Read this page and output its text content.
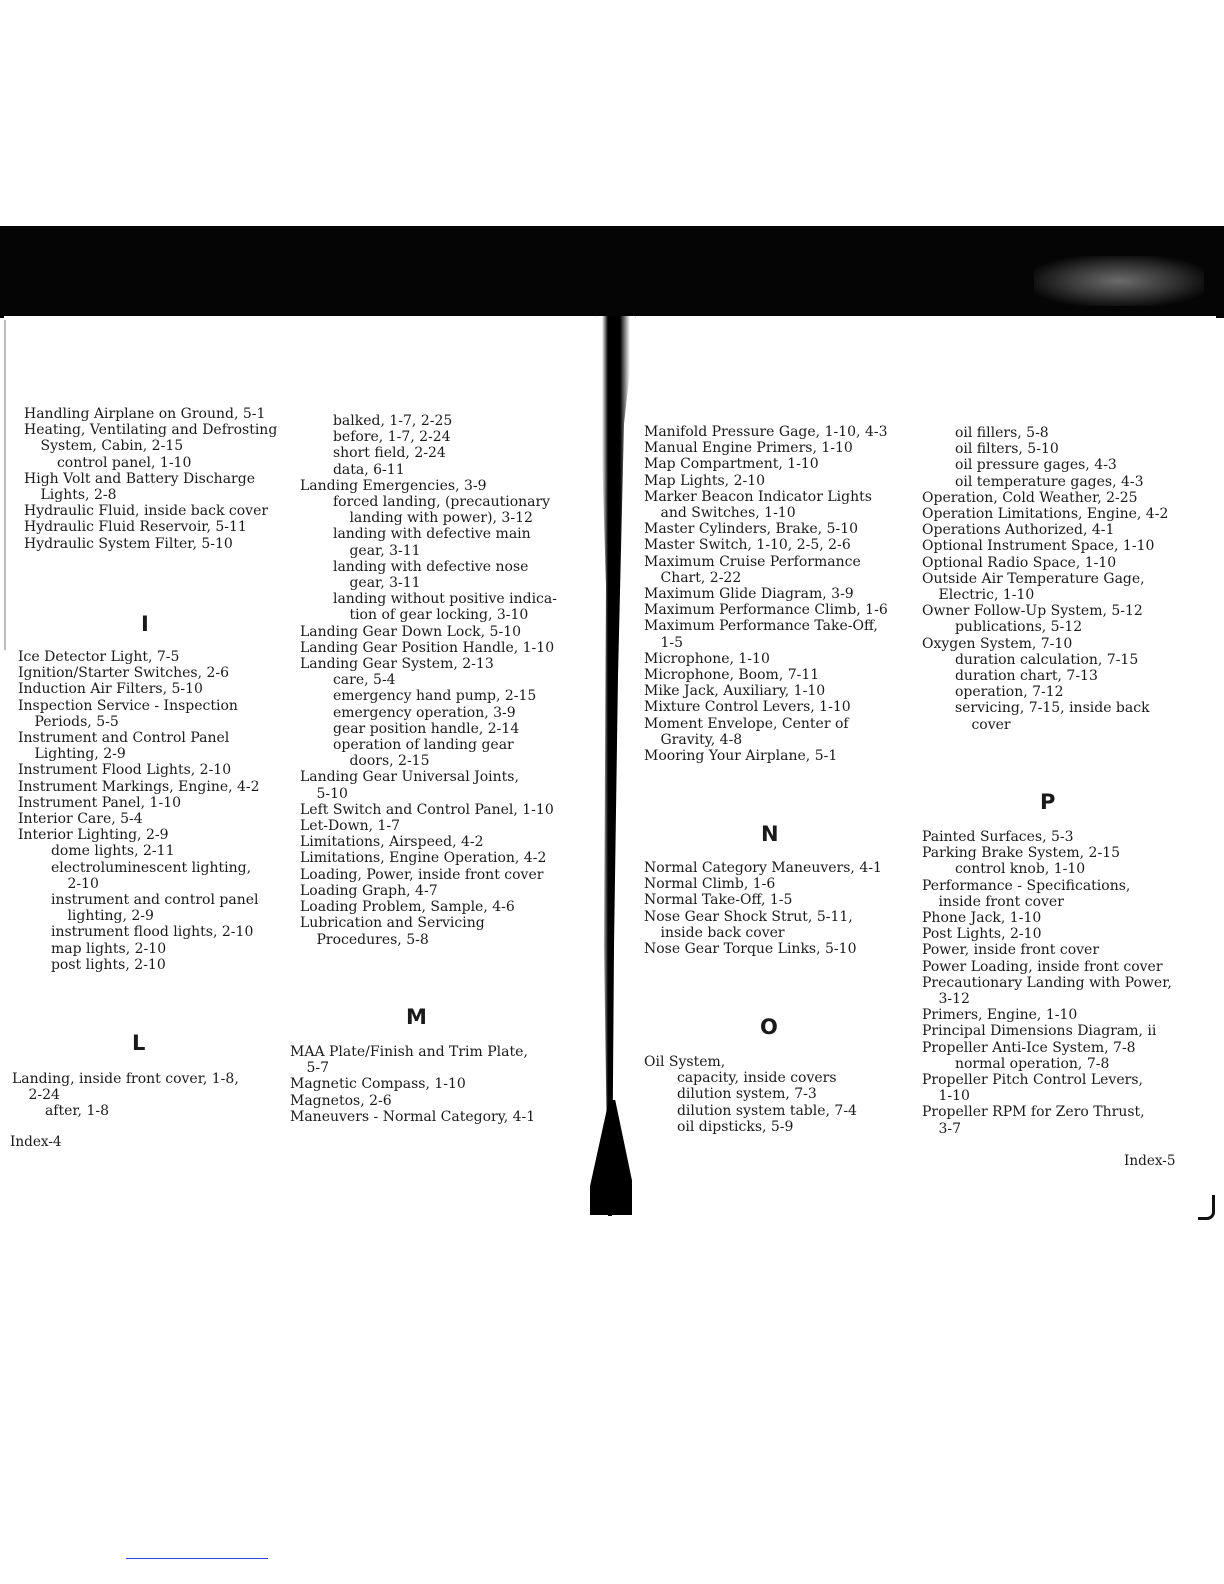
Handling Airplane on Ground, 5-1
Heating, Ventilating and Defrosting
System, Cabin, 2-15
control panel, 1-10
High Volt and Battery Discharge
Lights, 2-8
Hydraulic Fluid, inside back cover
Hydraulic Fluid Reservoir, 5-11
Hydraulic System Filter, 5-10
I
Ice Detector Light, 7-5
Ignition/Starter Switches, 2-6
Induction Air Filters, 5-10
Inspection Service - Inspection
Periods, 5-5
Instrument and Control Panel
Lighting, 2-9
Instrument Flood Lights, 2-10
Instrument Markings, Engine, 4-2
Instrument Panel, 1-10
Interior Care, 5-4
Interior Lighting, 2-9
dome lights, 2-11
electroluminescent lighting,
2-10
instrument and control panel
lighting, 2-9
instrument flood lights, 2-10
map lights, 2-10
post lights, 2-10
L
Landing, inside front cover, 1-8,
2-24
after, 1-8
Index-4
balked, 1-7, 2-25
before, 1-7, 2-24
short field, 2-24
data, 6-11
Landing Emergencies, 3-9
forced landing, (precautionary
landing with power), 3-12
landing with defective main
gear, 3-11
landing with defective nose
gear, 3-11
landing without positive indica-
tion of gear locking, 3-10
Landing Gear Down Lock, 5-10
Landing Gear Position Handle, 1-10
Landing Gear System, 2-13
care, 5-4
emergency hand pump, 2-15
emergency operation, 3-9
gear position handle, 2-14
operation of landing gear
doors, 2-15
Landing Gear Universal Joints,
5-10
Left Switch and Control Panel, 1-10
Let-Down, 1-7
Limitations, Airspeed, 4-2
Limitations, Engine Operation, 4-2
Loading, Power, inside front cover
Loading Graph, 4-7
Loading Problem, Sample, 4-6
Lubrication and Servicing
Procedures, 5-8
M
MAA Plate/Finish and Trim Plate,
5-7
Magnetic Compass, 1-10
Magnetos, 2-6
Maneuvers - Normal Category, 4-1
Manifold Pressure Gage, 1-10, 4-3
Manual Engine Primers, 1-10
Map Compartment, 1-10
Map Lights, 2-10
Marker Beacon Indicator Lights
and Switches, 1-10
Master Cylinders, Brake, 5-10
Master Switch, 1-10, 2-5, 2-6
Maximum Cruise Performance
Chart, 2-22
Maximum Glide Diagram, 3-9
Maximum Performance Climb, 1-6
Maximum Performance Take-Off,
1-5
Microphone, 1-10
Microphone, Boom, 7-11
Mike Jack, Auxiliary, 1-10
Mixture Control Levers, 1-10
Moment Envelope, Center of
Gravity, 4-8
Mooring Your Airplane, 5-1
N
Normal Category Maneuvers, 4-1
Normal Climb, 1-6
Normal Take-Off, 1-5
Nose Gear Shock Strut, 5-11,
inside back cover
Nose Gear Torque Links, 5-10
O
Oil System,
capacity, inside covers
dilution system, 7-3
dilution system table, 7-4
oil dipsticks, 5-9
oil fillers, 5-8
oil filters, 5-10
oil pressure gages, 4-3
oil temperature gages, 4-3
Operation, Cold Weather, 2-25
Operation Limitations, Engine, 4-2
Operations Authorized, 4-1
Optional Instrument Space, 1-10
Optional Radio Space, 1-10
Outside Air Temperature Gage,
Electric, 1-10
Owner Follow-Up System, 5-12
publications, 5-12
Oxygen System, 7-10
duration calculation, 7-15
duration chart, 7-13
operation, 7-12
servicing, 7-15, inside back
cover
P
Painted Surfaces, 5-3
Parking Brake System, 2-15
control knob, 1-10
Performance - Specifications,
inside front cover
Phone Jack, 1-10
Post Lights, 2-10
Power, inside front cover
Power Loading, inside front cover
Precautionary Landing with Power,
3-12
Primers, Engine, 1-10
Principal Dimensions Diagram, ii
Propeller Anti-Ice System, 7-8
normal operation, 7-8
Propeller Pitch Control Levers,
1-10
Propeller RPM for Zero Thrust,
3-7
Index-5
